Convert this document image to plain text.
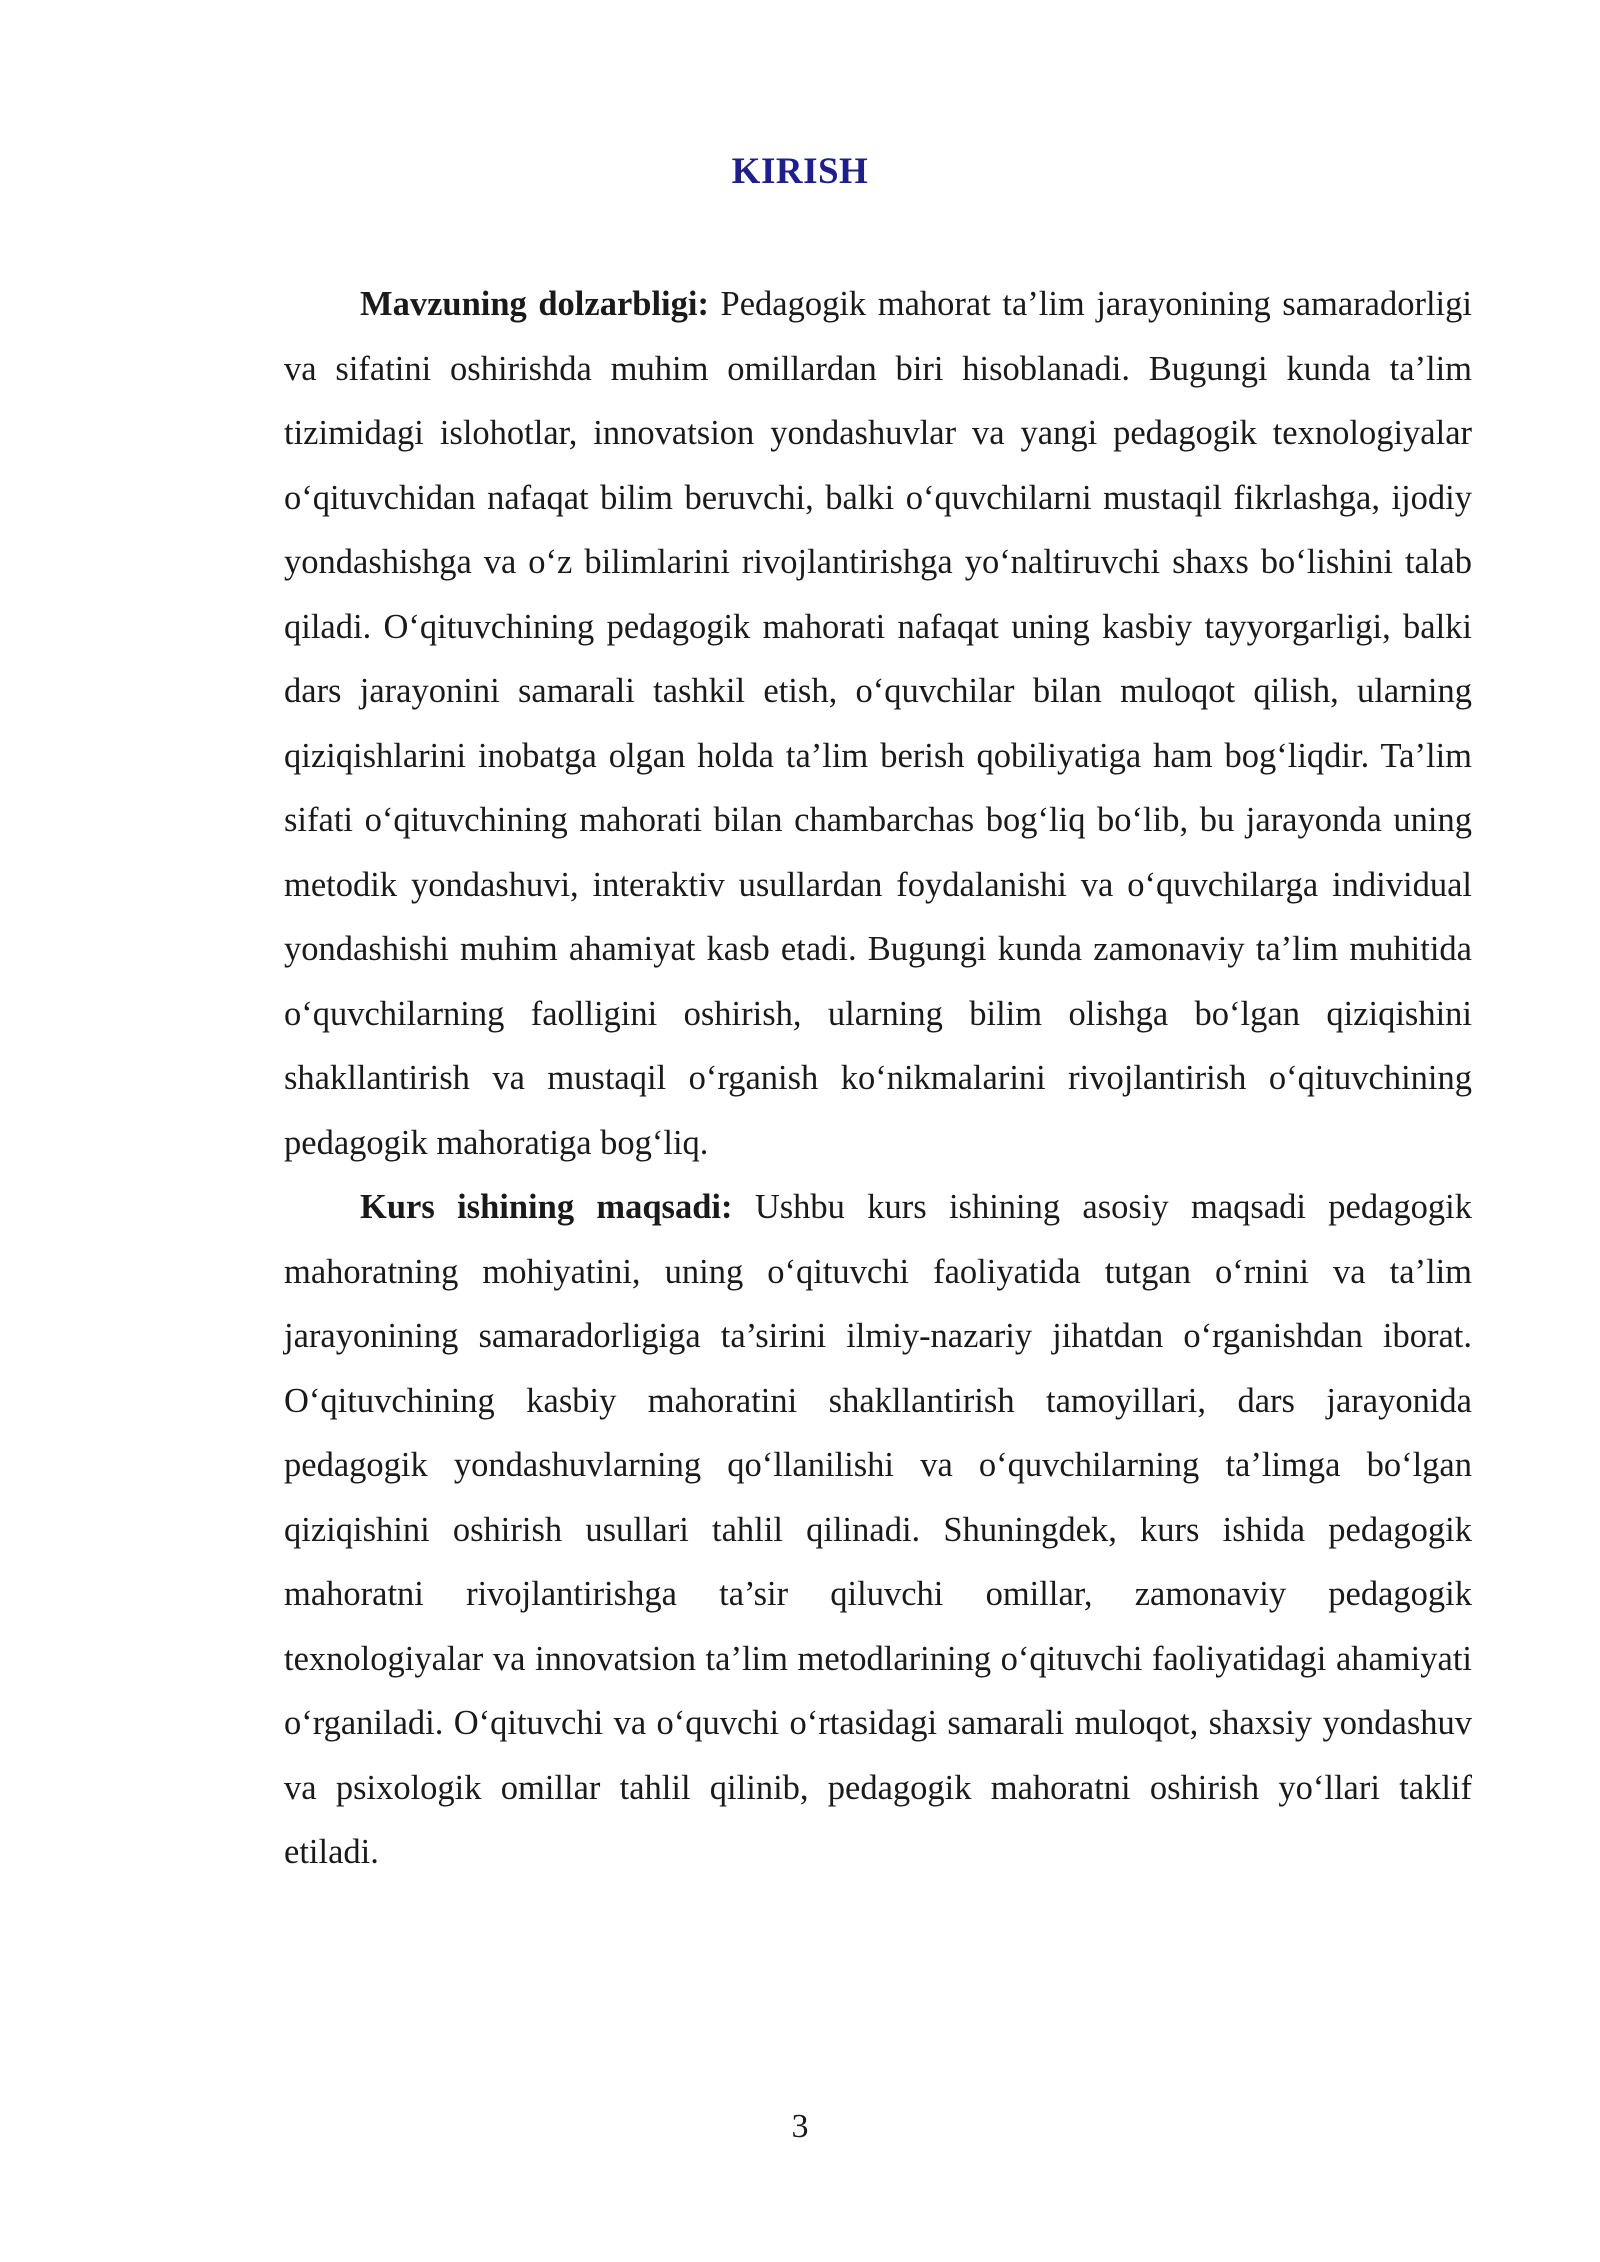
KIRISH

Mavzuning dolzarbligi: Pedagogik mahorat ta’lim jarayonining samaradorligi va sifatini oshirishda muhim omillardan biri hisoblanadi. Bugungi kunda ta’lim tizimidagi islohotlar, innovatsion yondashuvlar va yangi pedagogik texnologiyalar o‘qituvchidan nafaqat bilim beruvchi, balki o‘quvchilarni mustaqil fikrlashga, ijodiy yondashishga va o‘z bilimlarini rivojlantirishga yo‘naltiruvchi shaxs bo‘lishini talab qiladi. O‘qituvchining pedagogik mahorati nafaqat uning kasbiy tayyorgarligi, balki dars jarayonini samarali tashkil etish, o‘quvchilar bilan muloqot qilish, ularning qiziqishlarini inobatga olgan holda ta’lim berish qobiliyatiga ham bog‘liqdir. Ta’lim sifati o‘qituvchining mahorati bilan chambarchas bog‘liq bo‘lib, bu jarayonda uning metodik yondashuvi, interaktiv usullardan foydalanishi va o‘quvchilarga individual yondashishi muhim ahamiyat kasb etadi. Bugungi kunda zamonaviy ta’lim muhitida o‘quvchilarning faolligini oshirish, ularning bilim olishga bo‘lgan qiziqishini shakllantirish va mustaqil o‘rganish ko‘nikmalarini rivojlantirish o‘qituvchining pedagogik mahoratiga bog‘liq.

Kurs ishining maqsadi: Ushbu kurs ishining asosiy maqsadi pedagogik mahoratning mohiyatini, uning o‘qituvchi faoliyatida tutgan o‘rnini va ta’lim jarayonining samaradorligiga ta’sirini ilmiy-nazariy jihatdan o‘rganishdan iborat. O‘qituvchining kasbiy mahoratini shakllantirish tamoyillari, dars jarayonida pedagogik yondashuvlarning qo‘llanilishi va o‘quvchilarning ta’limga bo‘lgan qiziqishini oshirish usullari tahlil qilinadi. Shuningdek, kurs ishida pedagogik mahoratni rivojlantirishga ta’sir qiluvchi omillar, zamonaviy pedagogik texnologiyalar va innovatsion ta’lim metodlarining o‘qituvchi faoliyatidagi ahamiyati o‘rganiladi. O‘qituvchi va o‘quvchi o‘rtasidagi samarali muloqot, shaxsiy yondashuv va psixologik omillar tahlil qilinib, pedagogik mahoratni oshirish yo‘llari taklif etiladi.

3
